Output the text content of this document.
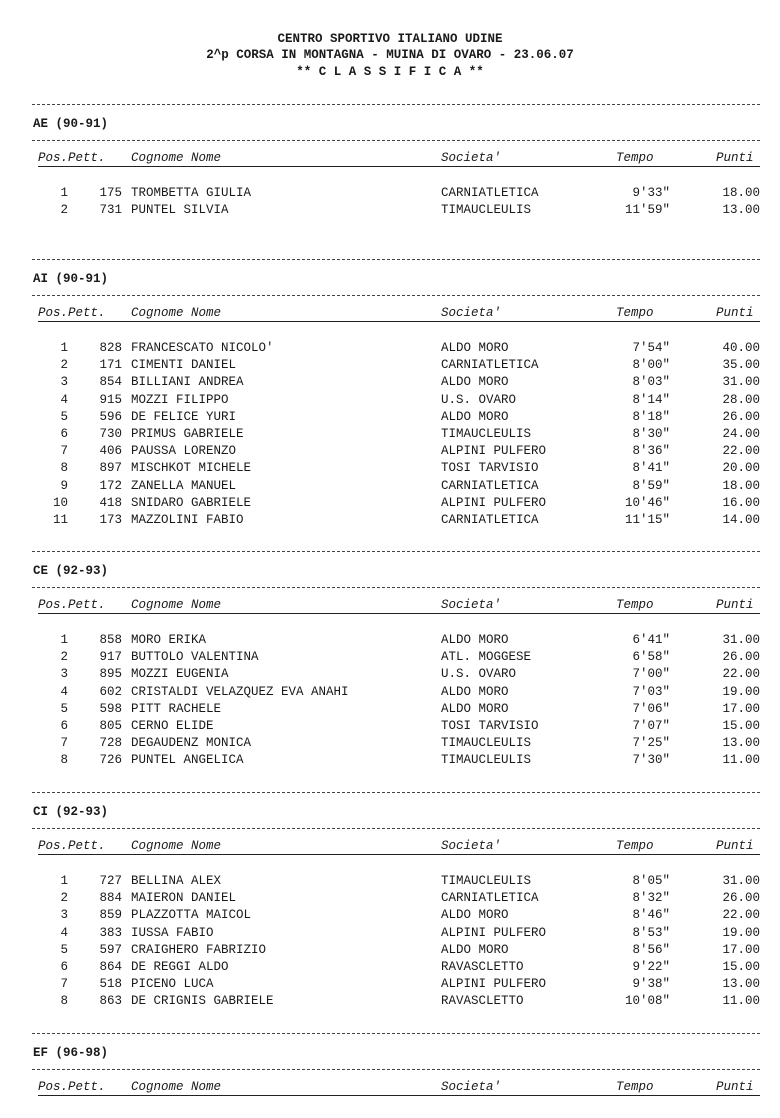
CENTRO SPORTIVO ITALIANO UDINE
2^p CORSA IN MONTAGNA - MUINA DI OVARO - 23.06.07
** C L A S S I F I C A **
AE (90-91)
Pos.Pett. Cognome Nome	Societa'	Tempo	Punti
1	175 TROMBETTA GIULIA	CARNIATLETICA	9'33"	18.00
2	731 PUNTEL SILVIA	TIMAUCLEULIS	11'59"	13.00
AI (90-91)
Pos.Pett. Cognome Nome	Societa'	Tempo	Punti
1	828 FRANCESCATO NICOLO'	ALDO MORO	7'54"	40.00
2	171 CIMENTI DANIEL	CARNIATLETICA	8'00"	35.00
3	854 BILLIANI ANDREA	ALDO MORO	8'03"	31.00
4	915 MOZZI FILIPPO	U.S. OVARO	8'14"	28.00
5	596 DE FELICE YURI	ALDO MORO	8'18"	26.00
6	730 PRIMUS GABRIELE	TIMAUCLEULIS	8'30"	24.00
7	406 PAUSSA LORENZO	ALPINI PULFERO	8'36"	22.00
8	897 MISCHKOT MICHELE	TOSI TARVISIO	8'41"	20.00
9	172 ZANELLA MANUEL	CARNIATLETICA	8'59"	18.00
10	418 SNIDARO GABRIELE	ALPINI PULFERO	10'46"	16.00
11	173 MAZZOLINI FABIO	CARNIATLETICA	11'15"	14.00
CE (92-93)
Pos.Pett. Cognome Nome	Societa'	Tempo	Punti
1	858 MORO ERIKA	ALDO MORO	6'41"	31.00
2	917 BUTTOLO VALENTINA	ATL. MOGGESE	6'58"	26.00
3	895 MOZZI EUGENIA	U.S. OVARO	7'00"	22.00
4	602 CRISTALDI VELAZQUEZ EVA ANAHI	ALDO MORO	7'03"	19.00
5	598 PITT RACHELE	ALDO MORO	7'06"	17.00
6	805 CERNO ELIDE	TOSI TARVISIO	7'07"	15.00
7	728 DEGAUDENZ MONICA	TIMAUCLEULIS	7'25"	13.00
8	726 PUNTEL ANGELICA	TIMAUCLEULIS	7'30"	11.00
CI (92-93)
Pos.Pett. Cognome Nome	Societa'	Tempo	Punti
1	727 BELLINA ALEX	TIMAUCLEULIS	8'05"	31.00
2	884 MAIERON DANIEL	CARNIATLETICA	8'32"	26.00
3	859 PLAZZOTTA MAICOL	ALDO MORO	8'46"	22.00
4	383 IUSSA FABIO	ALPINI PULFERO	8'53"	19.00
5	597 CRAIGHERO FABRIZIO	ALDO MORO	8'56"	17.00
6	864 DE REGGI ALDO	RAVASCLETTO	9'22"	15.00
7	518 PICENO LUCA	ALPINI PULFERO	9'38"	13.00
8	863 DE CRIGNIS GABRIELE	RAVASCLETTO	10'08"	11.00
EF (96-98)
Pos.Pett. Cognome Nome	Societa'	Tempo	Punti
